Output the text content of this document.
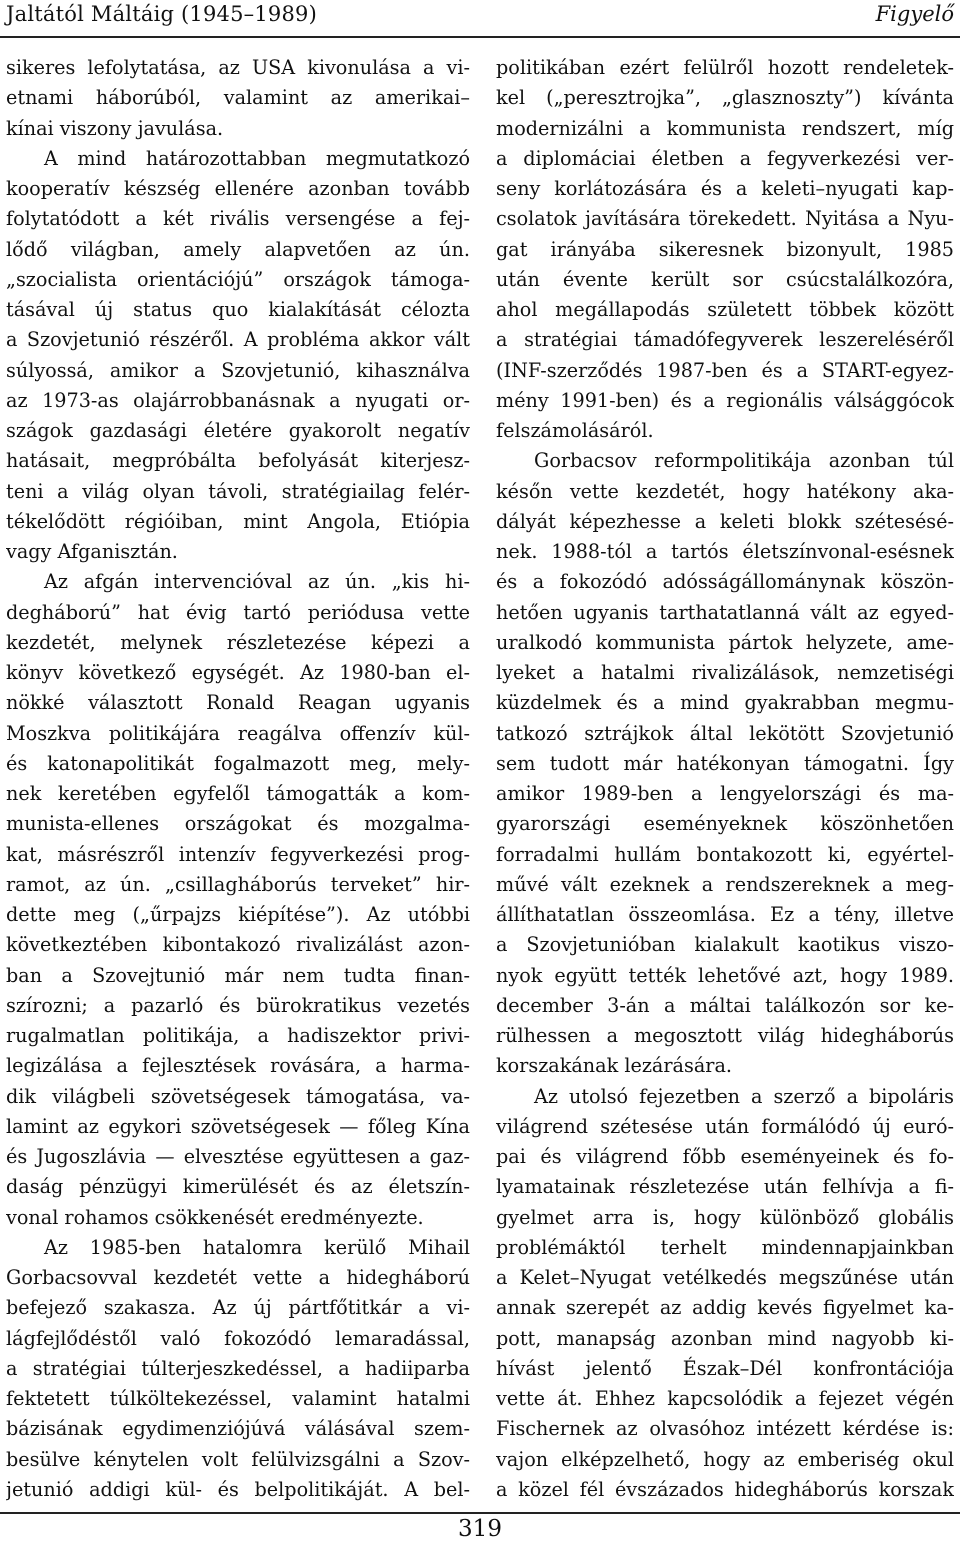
Jaltától Máltáig (1945–1989)	Figyelő
sikeres lefolytatása, az USA kivonulása a vi-
etnami háborúból, valamint az amerikai–
kínai viszony javulása.
A mind határozottabban megmutatkozó
kooperatív készség ellenére azonban tovább
folytatódott a két rivális versengése a fej-
lődő világban, amely alapvetően az ún.
„szocialista orientációjú” országok támoga-
tásával új status quo kialakítását célozta
a Szovjetunió részéről. A probléma akkor vált
súlyossá, amikor a Szovjetunió, kihasználva
az 1973-as olajárrobbanásnak a nyugati or-
szágok gazdasági életére gyakorolt negatív
hatásait, megpróbálta befolyását kiterjesz-
teni a világ olyan távoli, stratégiailag felér-
tékelődött régióiban, mint Angola, Etiópia
vagy Afganisztán.
Az afgán intervencióval az ún. „kis hi-
degháború” hat évig tartó periódusa vette
kezdetét, melynek részletezése képezi a
könyv következő egységét. Az 1980-ban el-
nökké választott Ronald Reagan ugyanis
Moszkva politikájára reagálva offenzív kül-
és katonapolitikát fogalmazott meg, mely-
nek keretében egyfelől támogatták a kom-
munista-ellenes országokat és mozgalma-
kat, másrészről intenzív fegyverkezési prog-
ramot, az ún. „csillagháborús terveket” hir-
dette meg („űrpajzs kiépítése”). Az utóbbi
következtében kibontakozó rivalizálást azon-
ban a Szovejtunió már nem tudta finan-
szírozni; a pazarló és bürokratikus vezetés
rugalmatlan politikája, a hadiszektor privi-
legizálása a fejlesztések rovására, a harma-
dik világbeli szövetségesek támogatása, va-
lamint az egykori szövetségesek — főleg Kína
és Jugoszlávia — elvesztése együttesen a gaz-
daság pénzügyi kimerülését és az életszín-
vonal rohamos csökkenését eredményezte.
Az 1985-ben hatalomra kerülő Mihail
Gorbacsovval kezdetét vette a hidegháború
befejező szakasza. Az új pártfőtitkár a vi-
lágfejlődéstől való fokozódó lemaradással,
a stratégiai túlterjeszkedéssel, a hadiiparba
fektetett túlköltekezéssel, valamint hatalmi
bázisának egydimenziójúvá válásával szem-
besülve kénytelen volt felülvizsgálni a Szov-
jetunió addigi kül- és belpolitikáját. A bel-
politikában ezért felülről hozott rendeletek-
kel („peresztrojka”, „glasznoszty”) kívánta
modernizálni a kommunista rendszert, míg
a diplomáciai életben a fegyverkezési ver-
seny korlátozására és a keleti–nyugati kap-
csolatok javítására törekedett. Nyitása a Nyu-
gat irányába sikeresnek bizonyult, 1985
után évente került sor csúcstalálkozóra,
ahol megállapodás született többek között
a stratégiai támadófegyverek leszereléséről
(INF-szerződés 1987-ben és a START-egyez-
mény 1991-ben) és a regionális válsággócok
felszámolásáról.
Gorbacsov reformpolitikája azonban túl
későn vette kezdetét, hogy hatékony aka-
dályát képezhesse a keleti blokk szétesésé-
nek. 1988-tól a tartós életszínvonal-esésnek
és a fokozódó adósságállománynak köszön-
hetően ugyanis tarthatatlanná vált az egyed-
uralkodó kommunista pártok helyzete, ame-
lyeket a hatalmi rivalizálások, nemzetiségi
küzdelmek és a mind gyakrabban megmu-
tatkozó sztrájkok által lekötött Szovjetunió
sem tudott már hatékonyan támogatni. Így
amikor 1989-ben a lengyelországi és ma-
gyarországi eseményeknek köszönhetően
forradalmi hullám bontakozott ki, egyértel-
művé vált ezeknek a rendszereknek a meg-
állíthatatlan összeomlása. Ez a tény, illetve
a Szovjetunióban kialakult kaotikus viszo-
nyok együtt tették lehetővé azt, hogy 1989.
december 3-án a máltai találkozón sor ke-
rülhessen a megosztott világ hidegháborús
korszakának lezárására.
Az utolsó fejezetben a szerző a bipoláris
világrend szétesése után formálódó új euró-
pai és világrend főbb eseményeinek és fo-
lyamatainak részletezése után felhívja a fi-
gyelmet arra is, hogy különböző globális
problémáktól terhelt mindennapjainkban
a Kelet–Nyugat vetélkedés megszűnése után
annak szerepét az addig kevés figyelmet ka-
pott, manapság azonban mind nagyobb ki-
hívást jelentő Észak–Dél konfrontációja
vette át. Ehhez kapcsolódik a fejezet végén
Fischernek az olvasóhoz intézett kérdése is:
vajon elképzelhető, hogy az emberiség okul
a közel fél évszázados hidegháborús korszak
319
